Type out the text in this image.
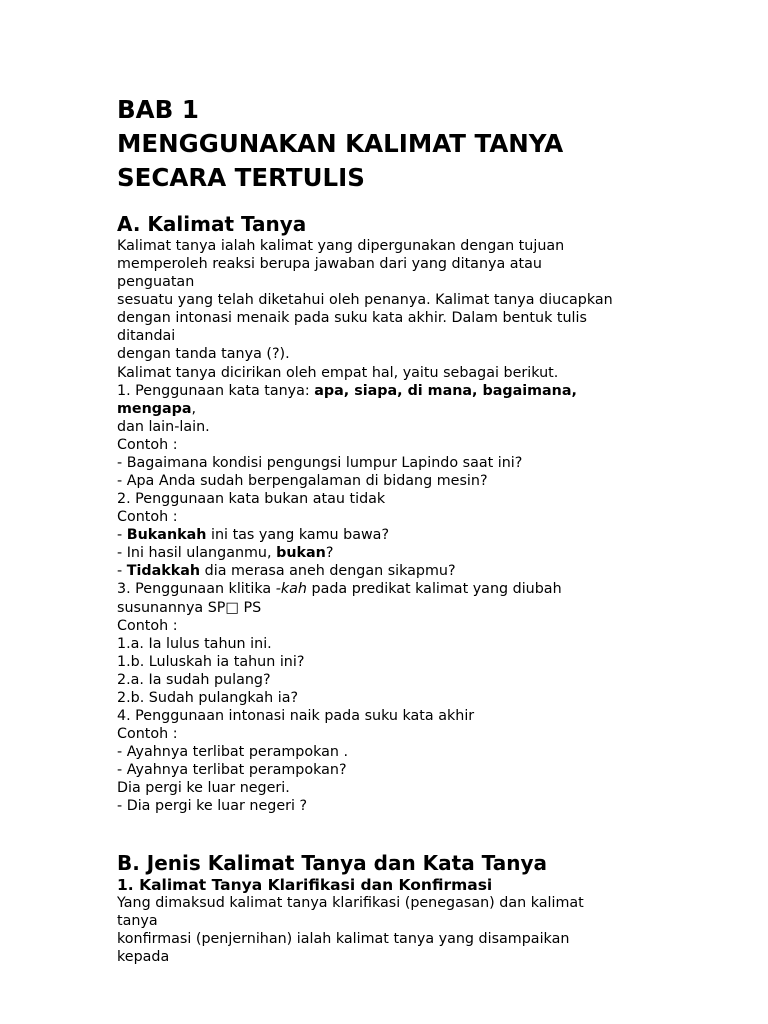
BAB 1
MENGGUNAKAN KALIMAT TANYA
SECARA TERTULIS
A. Kalimat Tanya
Kalimat tanya ialah kalimat yang dipergunakan dengan tujuan
memperoleh reaksi berupa jawaban dari yang ditanya atau
penguatan
sesuatu yang telah diketahui oleh penanya. Kalimat tanya diucapkan
dengan intonasi menaik pada suku kata akhir. Dalam bentuk tulis
ditandai
dengan tanda tanya (?).
Kalimat tanya dicirikan oleh empat hal, yaitu sebagai berikut.
1. Penggunaan kata tanya: apa, siapa, di mana, bagaimana,
mengapa,
dan lain-lain.
Contoh :
- Bagaimana kondisi pengungsi lumpur Lapindo saat ini?
- Apa Anda sudah berpengalaman di bidang mesin?
2. Penggunaan kata bukan atau tidak
Contoh :
- Bukankah ini tas yang kamu bawa?
- Ini hasil ulanganmu, bukan?
- Tidakkah dia merasa aneh dengan sikapmu?
3. Penggunaan klitika -kah pada predikat kalimat yang diubah
susunannya SP□ PS
Contoh :
1.a. Ia lulus tahun ini.
1.b. Luluskah ia tahun ini?
2.a. Ia sudah pulang?
2.b. Sudah pulangkah ia?
4. Penggunaan intonasi naik pada suku kata akhir
Contoh :
- Ayahnya terlibat perampokan .
- Ayahnya terlibat perampokan?
Dia pergi ke luar negeri.
- Dia pergi ke luar negeri ?
B. Jenis Kalimat Tanya dan Kata Tanya
1. Kalimat Tanya Klarifikasi dan Konfirmasi
Yang dimaksud kalimat tanya klarifikasi (penegasan) dan kalimat
tanya
konfirmasi (penjernihan) ialah kalimat tanya yang disampaikan
kepada
